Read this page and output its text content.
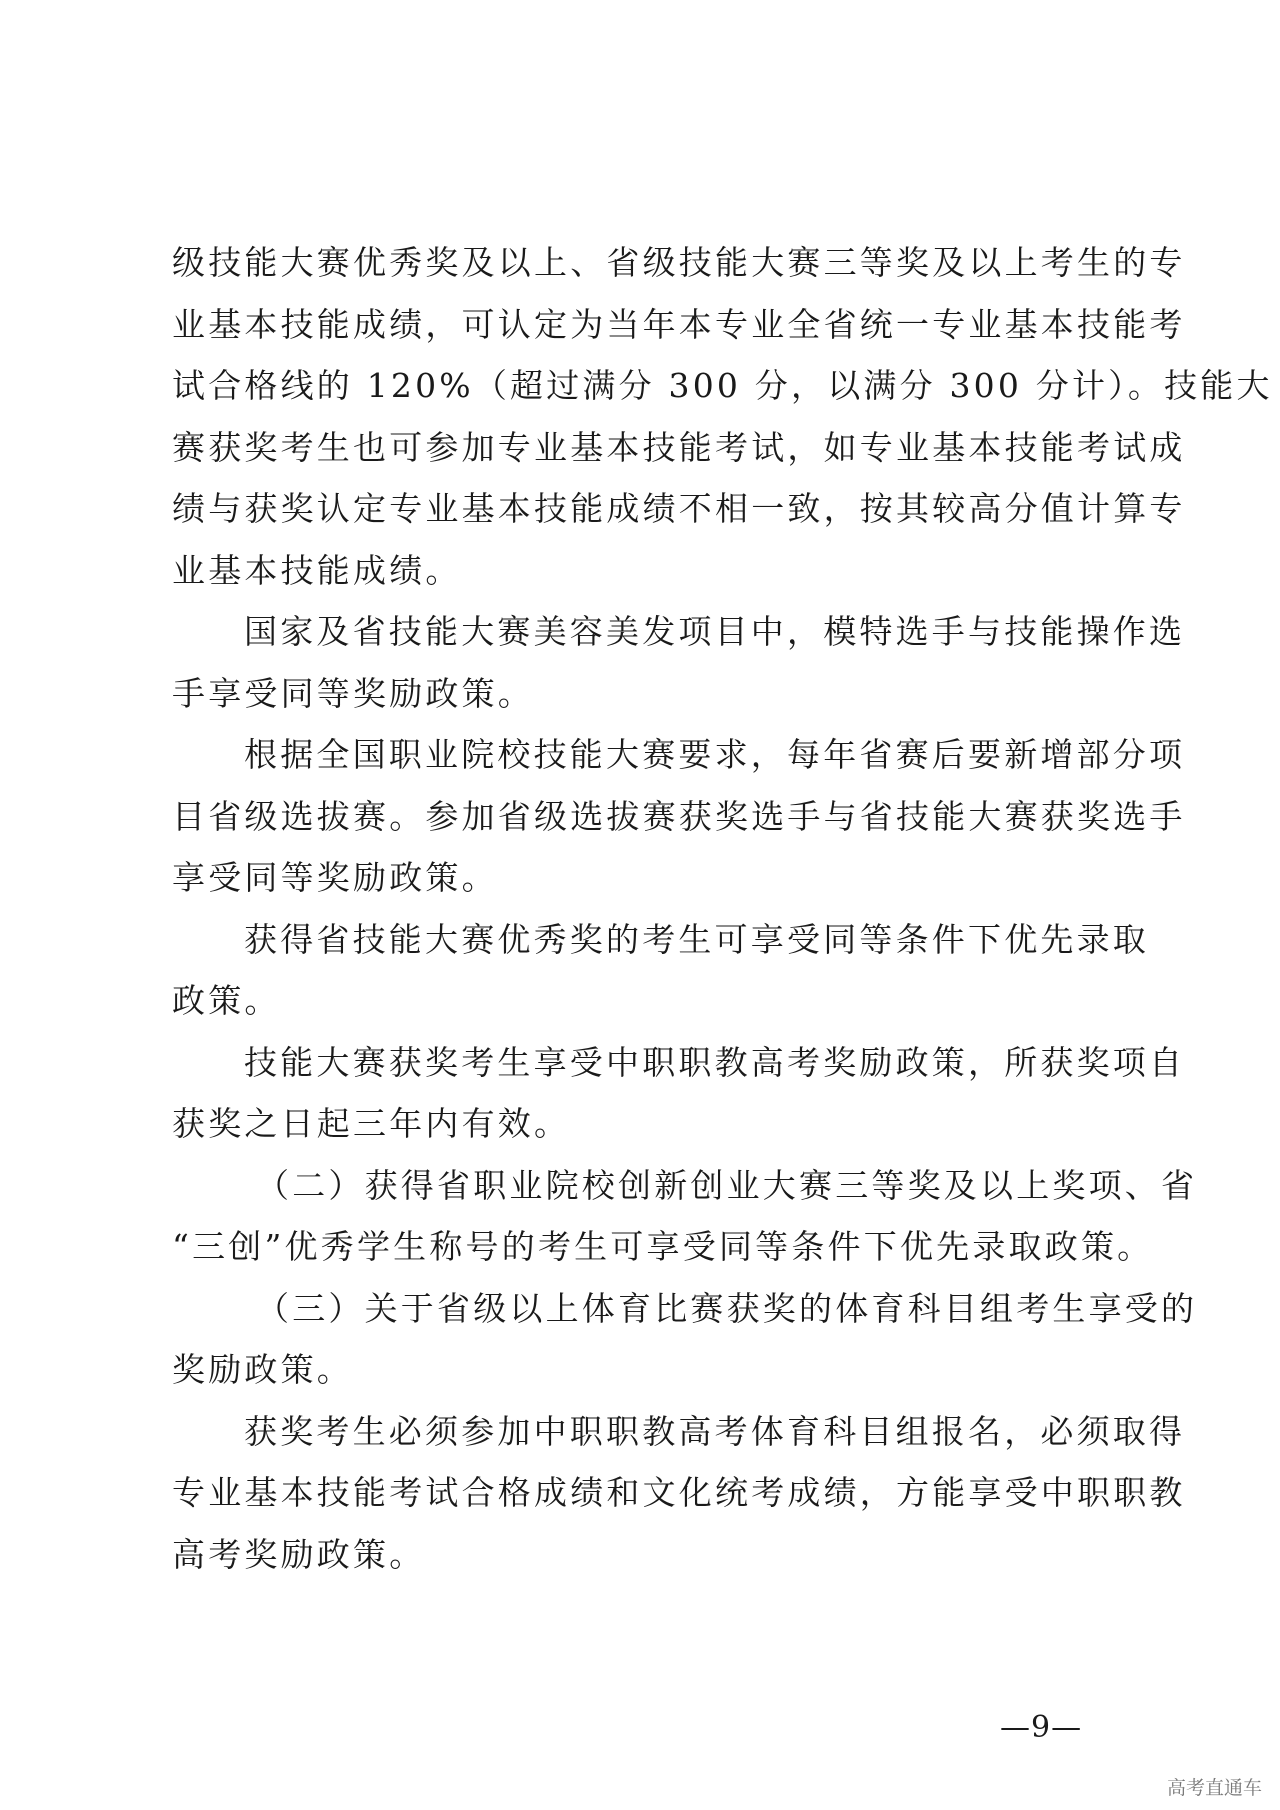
级技能大赛优秀奖及以上、省级技能大赛三等奖及以上考生的专
业基本技能成绩，可认定为当年本专业全省统一专业基本技能考
试合格线的 120%（超过满分 300 分，以满分 300 分计）。技能大
赛获奖考生也可参加专业基本技能考试，如专业基本技能考试成
绩与获奖认定专业基本技能成绩不相一致，按其较高分值计算专
业基本技能成绩。
国家及省技能大赛美容美发项目中，模特选手与技能操作选
手享受同等奖励政策。
根据全国职业院校技能大赛要求，每年省赛后要新增部分项
目省级选拔赛。参加省级选拔赛获奖选手与省技能大赛获奖选手
享受同等奖励政策。
获得省技能大赛优秀奖的考生可享受同等条件下优先录取
政策。
技能大赛获奖考生享受中职职教高考奖励政策，所获奖项自
获奖之日起三年内有效。
（二）获得省职业院校创新创业大赛三等奖及以上奖项、省
“三创”优秀学生称号的考生可享受同等条件下优先录取政策。
（三）关于省级以上体育比赛获奖的体育科目组考生享受的
奖励政策。
获奖考生必须参加中职职教高考体育科目组报名，必须取得
专业基本技能考试合格成绩和文化统考成绩，方能享受中职职教
高考奖励政策。
—9—
高考直通车
